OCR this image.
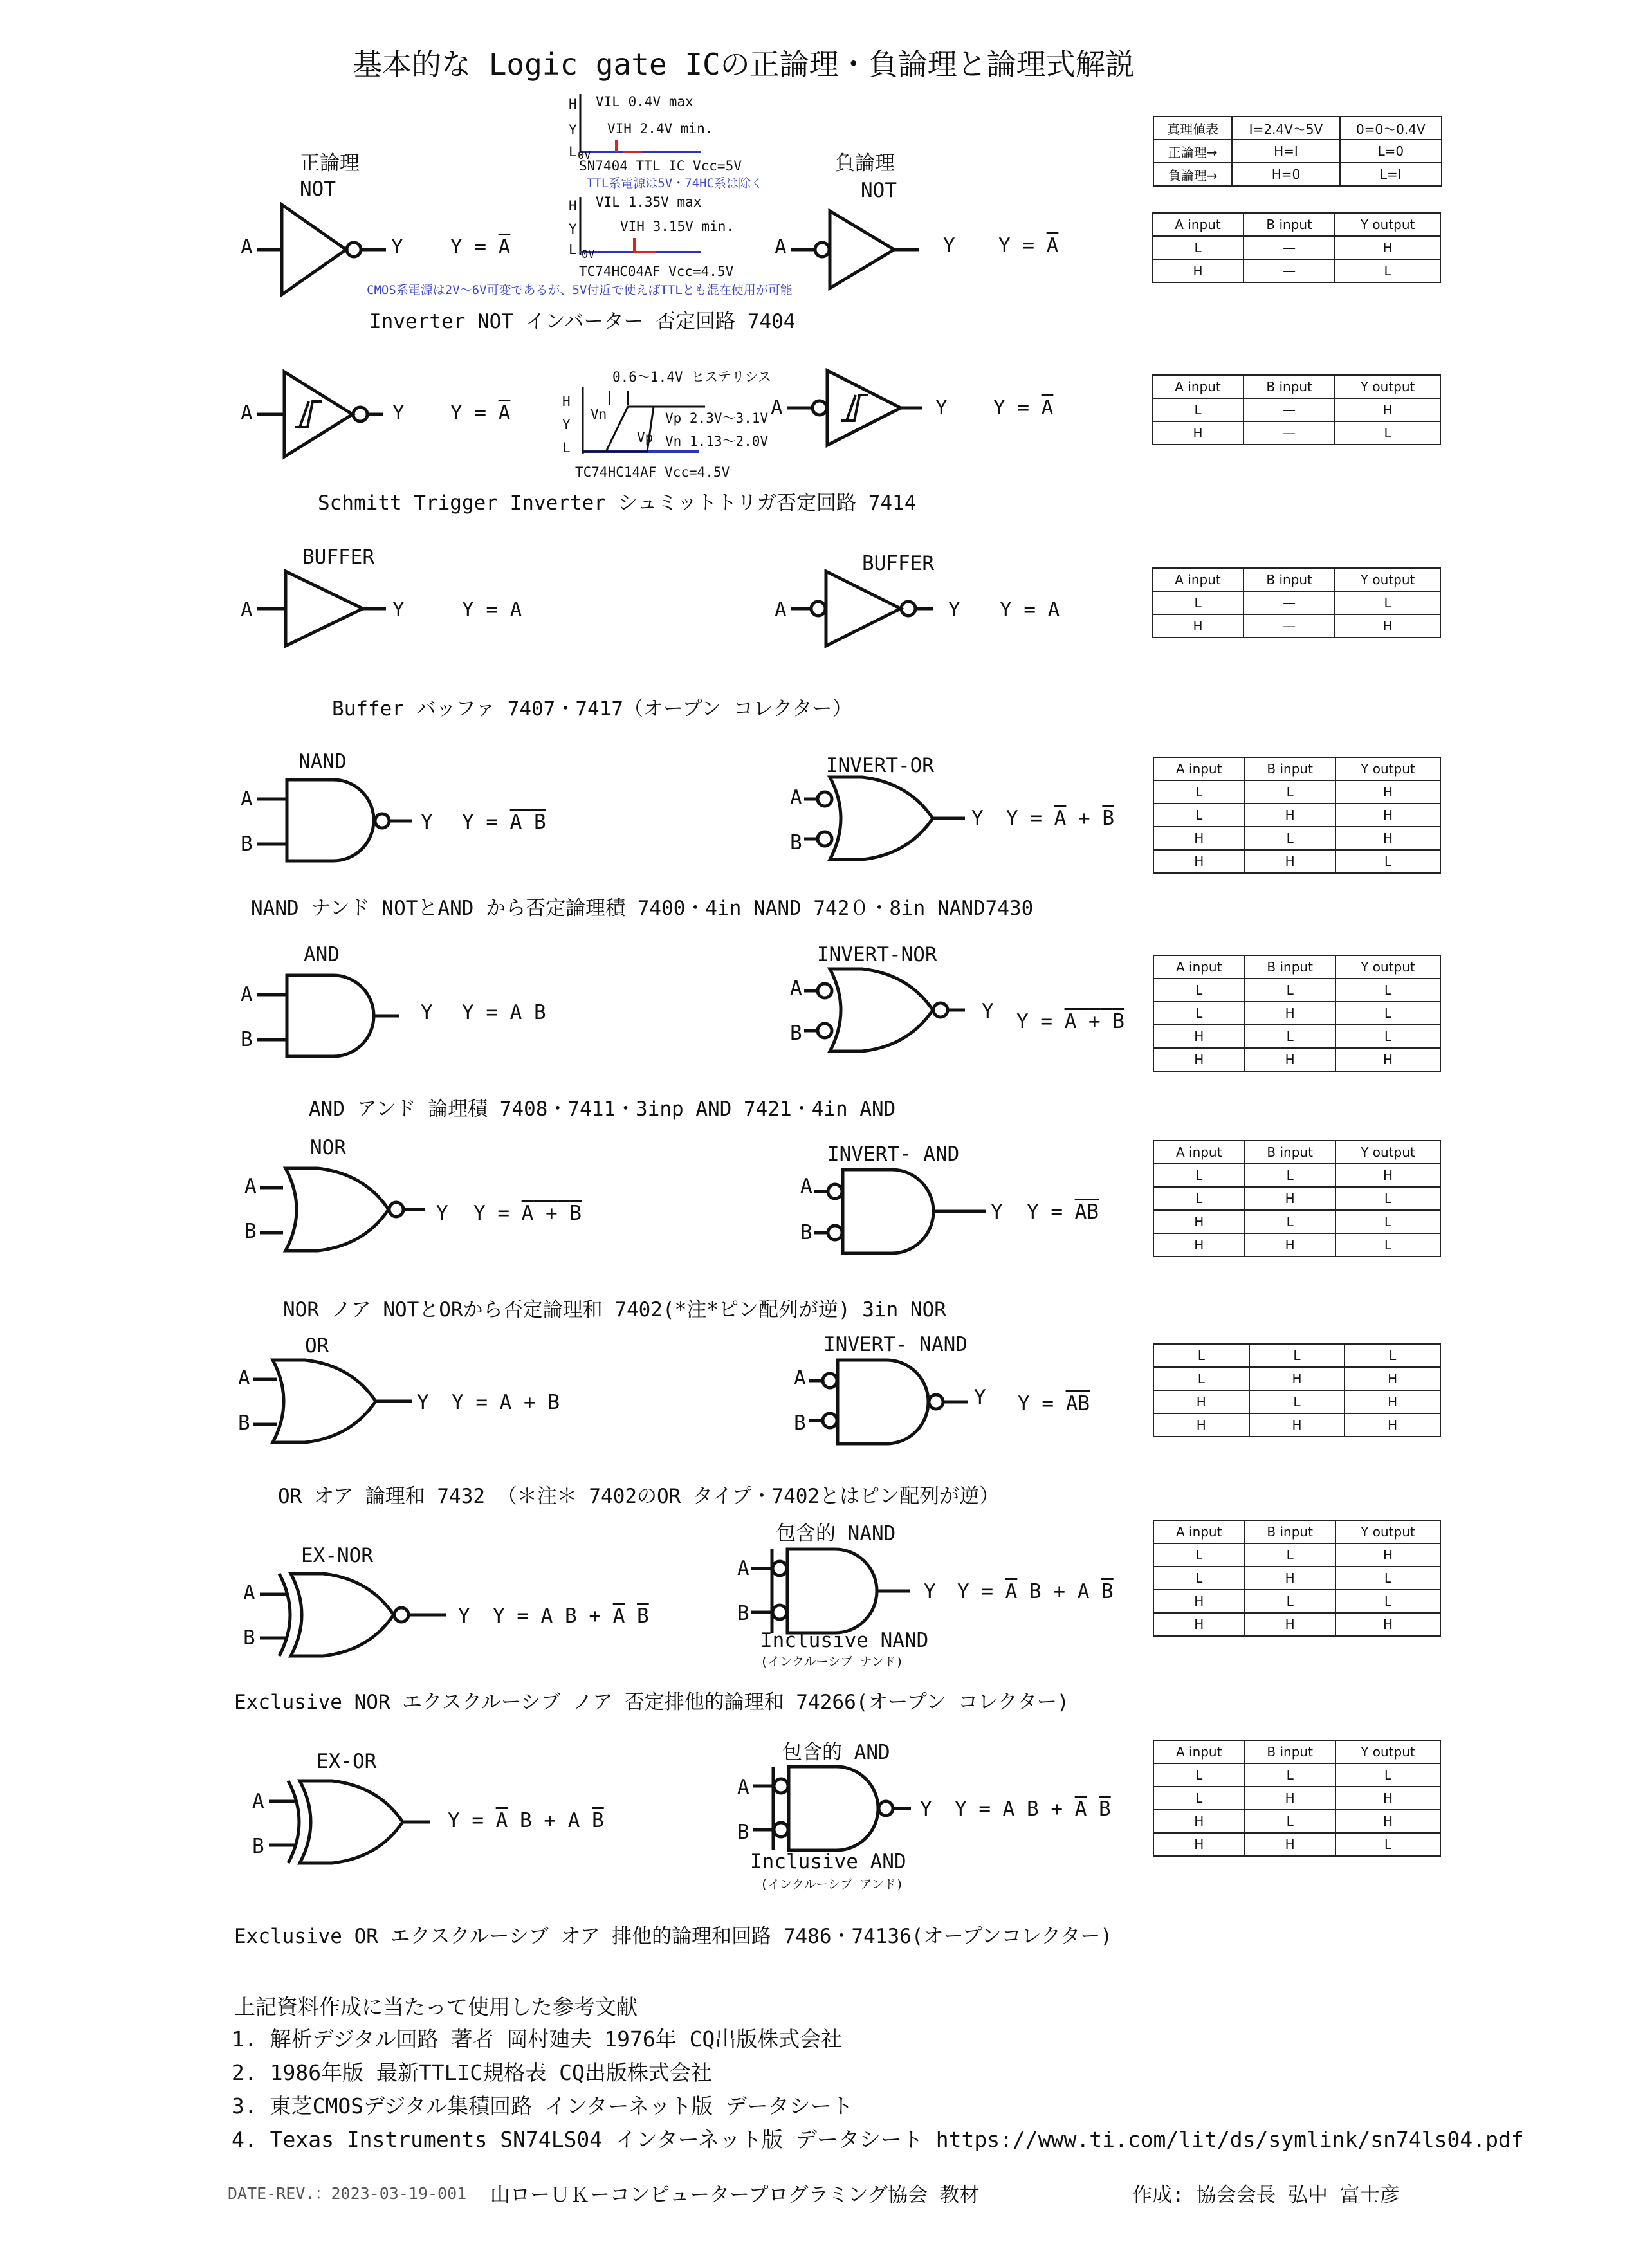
基本的な Logic gate ICの正論理・負論理と論理式解説
正論理	負論理
H
Y
L 0V
VIL 0.4V max
VIH 2.4V min.
SN7404 TTL IC Vcc=5V
TTL系電源は5V・74HC系は除く
H
Y
L 0V
VIL 1.35V max
VIH 3.15V min.
TC74HC04AF Vcc=4.5V
CMOS系電源は2V～6V可変であるが、5V付近で使えばTTLとも混在使用が可能
真理値表	I=2.4V～5V	0=0～0.4V
正論理→	H=I	L=0
負論理→	H=0	L=I
NOT	NOT
A	Y $Y = \overline{A}$	A	Y $Y = \overline{A}$
Inverter NOT インバーター 否定回路 7404
A input	B input	Y output
L	—	H
H	—	L
A	Y $Y = \overline{A}$
0.6～1.4V ヒステリシス
H
Y
L
Vn
Vp
Vp 2.3V～3.1V
Vn 1.13～2.0V
TC74HC14AF Vcc=4.5V
A	Y $Y = \overline{A}$
Schmitt Trigger Inverter シュミットトリガ否定回路 7414
A input	B input	Y output
L	—	H
H	—	L
BUFFER	BUFFER
A	Y	Y = A	A	Y Y = A
Buffer バッファ 7407・7417（オープン コレクター）
A input	B input	Y output
L	—	L
H	—	H
NAND	INVERT-OR
A
B
Y Y = A B
A
B
Y $Y = \overline{A} + \overline{B}$
NAND ナンド NOTとAND から否定論理積 7400・4in NAND 742０・8in NAND7430
A input	B input	Y output
L	L	H
L	H	H
H	L	H
H	H	L
AND	INVERT-NOR
A
B
Y Y = A B
A
B
Y Y = A + B
AND アンド 論理積 7408・7411・3inp AND 7421・4in AND
A input	B input	Y output
L	L	L
L	H	L
H	L	L
H	H	H
NOR	INVERT- AND
A
B
Y Y = A + B
A
B
Y $Y = \overline{A}\overline{B}$
NOR ノア NOTとORから否定論理和 7402(*注*ピン配列が逆) 3in NOR
A input	B input	Y output
L	L	H
L	H	L
H	L	L
H	H	L
OR	INVERT- NAND
A
B
Y Y = A + B
A
B
Y Y = AB
OR オア 論理和 7432 （＊注＊ 7402のOR タイプ・7402とはピン配列が逆）
L	L	L
L	H	H
H	L	H
H	H	H
EX-NOR
包含的 NAND
A
B
Y Y = A $B + \overline{A}$ $\overline{B}$
A
B
Y $Y = \overline{A}$ B + A $\overline{B}$
Inclusive NAND
(インクルーシブ ナンド)
Exclusive NOR エクスクルーシブ ノア 否定排他的論理和 74266(オープン コレクター)
A input	B input	Y output
L	L	H
L	H	L
H	L	L
H	H	H
EX-OR	包含的 AND
A
B
$Y = \overline{A}$ B + A $\overline{B}$
A
B
Y Y = A $B + \overline{A}$ $\overline{B}$
Inclusive AND
(インクルーシブ アンド)
Exclusive OR エクスクルーシブ オア 排他的論理和回路 7486・74136(オープンコレクター)
A input	B input	Y output
L	L	L
L	H	H
H	L	H
H	H	L
上記資料作成に当たって使用した参考文献
1. 解析デジタル回路 著者 岡村廸夫 1976年 CQ出版株式会社
2. 1986年版 最新TTLIC規格表 CQ出版株式会社
3. 東芝CMOSデジタル集積回路 インターネット版 データシート
4. Texas Instruments SN74LS04 インターネット版 データシート https://www.ti.com/lit/ds/symlink/sn74ls04.pdf
DATE-REV.：2023-03-19-001 山ローＵＫーコンピュータープログラミング協会 教材	作成: 協会会長 弘中 富士彦
